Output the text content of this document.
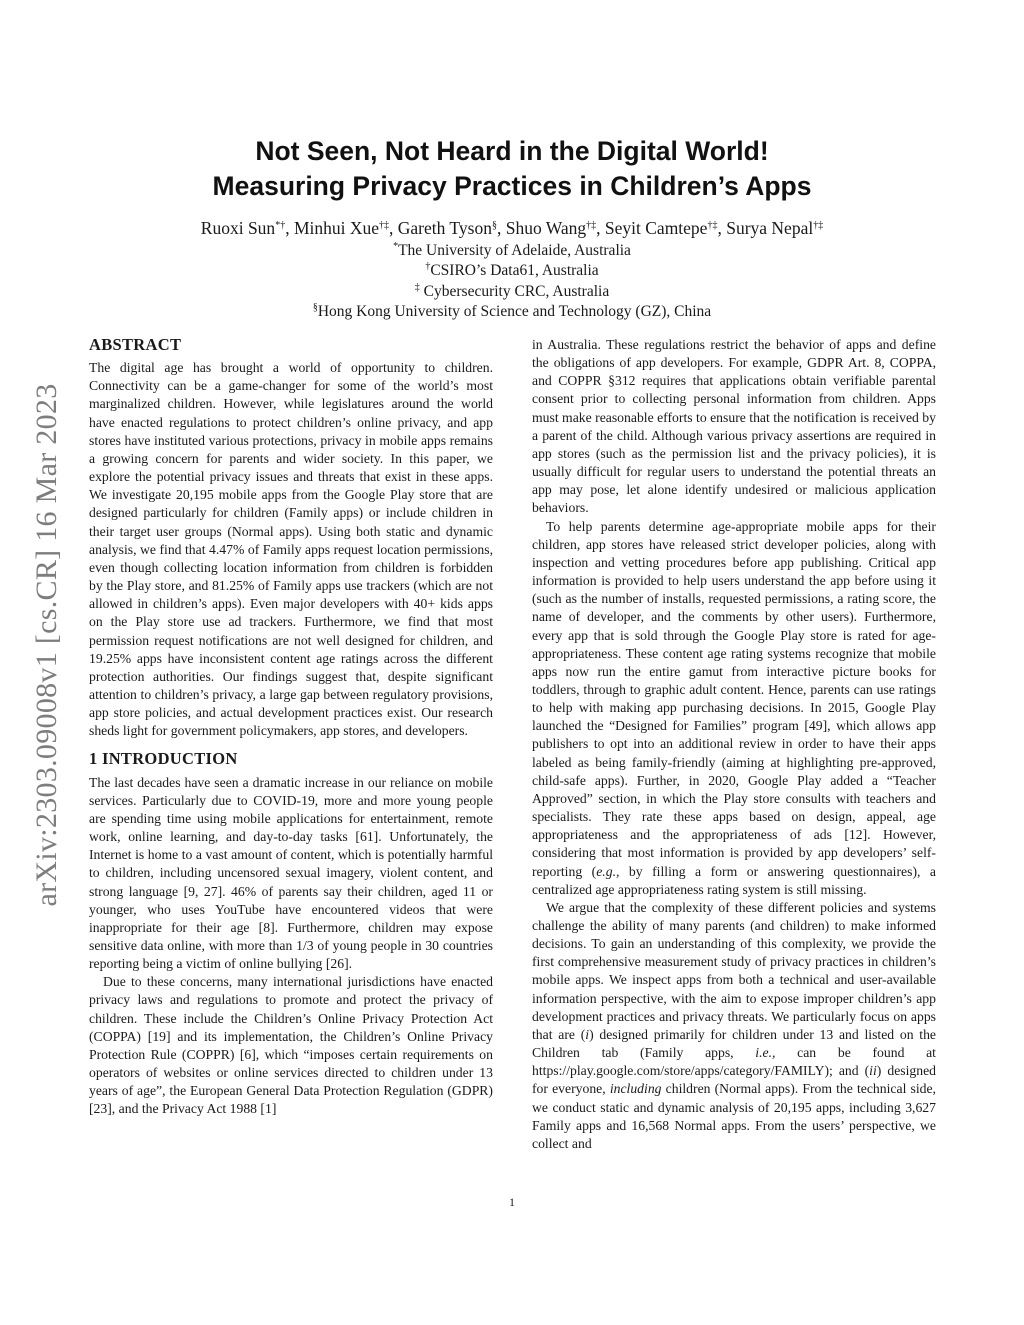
arXiv:2303.09008v1 [cs.CR] 16 Mar 2023
Not Seen, Not Heard in the Digital World!
Measuring Privacy Practices in Children’s Apps
Ruoxi Sun*†, Minhui Xue†‡, Gareth Tyson§, Shuo Wang†‡, Seyit Camtepe†‡, Surya Nepal†‡
*The University of Adelaide, Australia
†CSIRO’s Data61, Australia
‡ Cybersecurity CRC, Australia
§Hong Kong University of Science and Technology (GZ), China
ABSTRACT

The digital age has brought a world of opportunity to children. Connectivity can be a game-changer for some of the world’s most marginalized children. However, while legislatures around the world have enacted regulations to protect children’s online privacy, and app stores have instituted various protections, privacy in mobile apps remains a growing concern for parents and wider society. In this paper, we explore the potential privacy issues and threats that exist in these apps. We investigate 20,195 mobile apps from the Google Play store that are designed particularly for children (Family apps) or include children in their target user groups (Normal apps). Using both static and dynamic analysis, we find that 4.47% of Family apps request location permissions, even though collecting location information from children is forbidden by the Play store, and 81.25% of Family apps use trackers (which are not allowed in children’s apps). Even major developers with 40+ kids apps on the Play store use ad trackers. Furthermore, we find that most permission request notifications are not well designed for children, and 19.25% apps have inconsistent content age ratings across the different protection authorities. Our findings suggest that, despite significant attention to children’s privacy, a large gap between regulatory provisions, app store policies, and actual development practices exist. Our research sheds light for government policymakers, app stores, and developers.

1 INTRODUCTION

The last decades have seen a dramatic increase in our reliance on mobile services. Particularly due to COVID-19, more and more young people are spending time using mobile applications for entertainment, remote work, online learning, and day-to-day tasks [61]. Unfortunately, the Internet is home to a vast amount of content, which is potentially harmful to children, including uncensored sexual imagery, violent content, and strong language [9, 27]. 46% of parents say their children, aged 11 or younger, who uses YouTube have encountered videos that were inappropriate for their age [8]. Furthermore, children may expose sensitive data online, with more than 1/3 of young people in 30 countries reporting being a victim of online bullying [26].

Due to these concerns, many international jurisdictions have enacted privacy laws and regulations to promote and protect the privacy of children. These include the Children’s Online Privacy Protection Act (COPPA) [19] and its implementation, the Children’s Online Privacy Protection Rule (COPPR) [6], which “imposes certain requirements on operators of websites or online services directed to children under 13 years of age”, the European General Data Protection Regulation (GDPR) [23], and the Privacy Act 1988 [1]

in Australia. These regulations restrict the behavior of apps and define the obligations of app developers. For example, GDPR Art. 8, COPPA, and COPPR §312 requires that applications obtain verifiable parental consent prior to collecting personal information from children. Apps must make reasonable efforts to ensure that the notification is received by a parent of the child. Although various privacy assertions are required in app stores (such as the permission list and the privacy policies), it is usually difficult for regular users to understand the potential threats an app may pose, let alone identify undesired or malicious application behaviors.

To help parents determine age-appropriate mobile apps for their children, app stores have released strict developer policies, along with inspection and vetting procedures before app publishing. Critical app information is provided to help users understand the app before using it (such as the number of installs, requested permissions, a rating score, the name of developer, and the comments by other users). Furthermore, every app that is sold through the Google Play store is rated for age-appropriateness. These content age rating systems recognize that mobile apps now run the entire gamut from interactive picture books for toddlers, through to graphic adult content. Hence, parents can use ratings to help with making app purchasing decisions. In 2015, Google Play launched the “Designed for Families” program [49], which allows app publishers to opt into an additional review in order to have their apps labeled as being family-friendly (aiming at highlighting pre-approved, child-safe apps). Further, in 2020, Google Play added a “Teacher Approved” section, in which the Play store consults with teachers and specialists. They rate these apps based on design, appeal, age appropriateness and the appropriateness of ads [12]. However, considering that most information is provided by app developers’ self-reporting (e.g., by filling a form or answering questionnaires), a centralized age appropriateness rating system is still missing.

We argue that the complexity of these different policies and systems challenge the ability of many parents (and children) to make informed decisions. To gain an understanding of this complexity, we provide the first comprehensive measurement study of privacy practices in children’s mobile apps. We inspect apps from both a technical and user-available information perspective, with the aim to expose improper children’s app development practices and privacy threats. We particularly focus on apps that are (i) designed primarily for children under 13 and listed on the Children tab (Family apps, i.e., can be found at https://play.google.com/store/apps/category/FAMILY); and (ii) designed for everyone, including children (Normal apps). From the technical side, we conduct static and dynamic analysis of 20,195 apps, including 3,627 Family apps and 16,568 Normal apps. From the users’ perspective, we collect and

1
